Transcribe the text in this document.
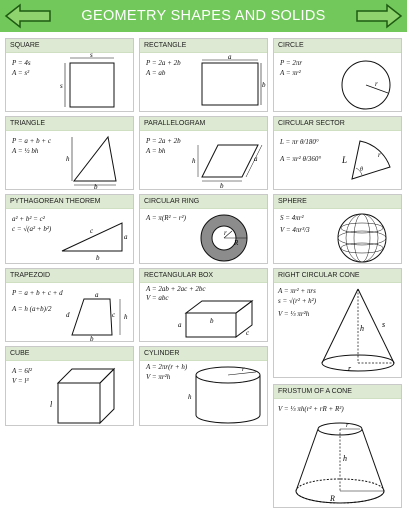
GEOMETRY SHAPES AND SOLIDS
SQUARE
P = 4s
A = s²
s
s
RECTANGLE
P = 2a + 2b
A = ab
a
b
CIRCLE
P = 2πr
A = πr²
r
TRIANGLE
P = a + b + c
A = ½ bh
h
b
PARALLELOGRAM
P = 2a + 2b
A = bh
a
h
b
CIRCULAR SECTOR
L = πr θ/180°
A = πr² θ/360° L
θ
r
PYTHAGOREAN THEOREM
a² + b² = c²
c = √(a² + b²)	c
a
b
CIRCULAR RING
A = π(R² − r²)
r
R
SPHERE
S = 4πr²
V = 4πr³/3
TRAPEZOID
P = a + b + c + d
A = h (a+b)/2
a
d	h
c
b
RECTANGULAR BOX
A = 2ab + 2ac + 2bc
V = abc
a	b
c
RIGHT CIRCULAR CONE
A = πr² + πrs
s = √(r² + h²)
V = ⅓ πr²h
h s
r
CUBE
A = 6l²
V = l³
l
CYLINDER
A = 2πr(r + h)
V = πr²h
r
h
FRUSTUM OF A CONE
V = ⅓ πh(r² + rR + R²)
r
h
R
